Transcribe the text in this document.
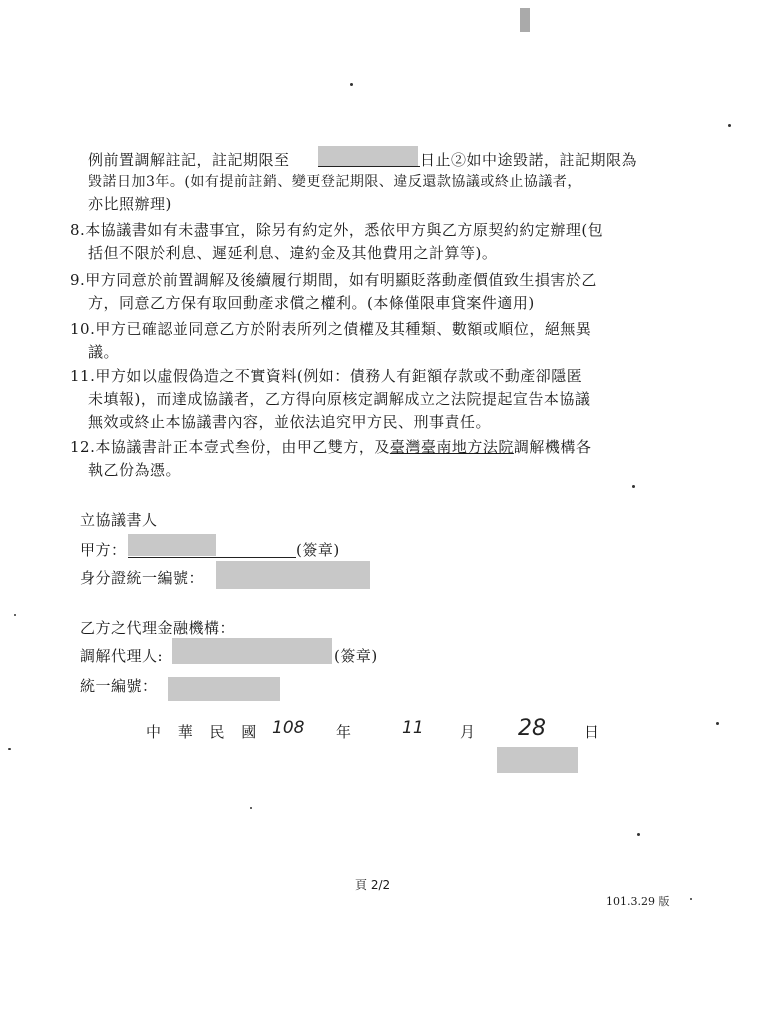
例前置調解註記，註記期限至	日止②如中途毀諾，註記期限為
毀諾日加3年。(如有提前註銷、變更登記期限、違反還款協議或終止協議者，
亦比照辦理)
8.本協議書如有未盡事宜，除另有約定外，悉依甲方與乙方原契約約定辦理(包
括但不限於利息、遲延利息、違約金及其他費用之計算等)。
9.甲方同意於前置調解及後續履行期間，如有明顯貶落動產價值致生損害於乙
方，同意乙方保有取回動產求償之權利。(本條僅限車貸案件適用)
10.甲方已確認並同意乙方於附表所列之債權及其種類、數額或順位，絕無異
議。
11.甲方如以虛假偽造之不實資料(例如：債務人有鉅額存款或不動產卻隱匿
未填報)，而達成協議者，乙方得向原核定調解成立之法院提起宣告本協議
無效或終止本協議書內容，並依法追究甲方民、刑事責任。
12.本協議書計正本壹式叁份，由甲乙雙方，及臺灣臺南地方法院調解機構各
執乙份為憑。
立協議書人
甲方：	(簽章)
身分證統一編號：
乙方之代理金融機構：
調解代理人:	(簽章)
統一編號：
中 華 民 國 108 年	11 月 28	日
頁 2/2
101.3.29 版
